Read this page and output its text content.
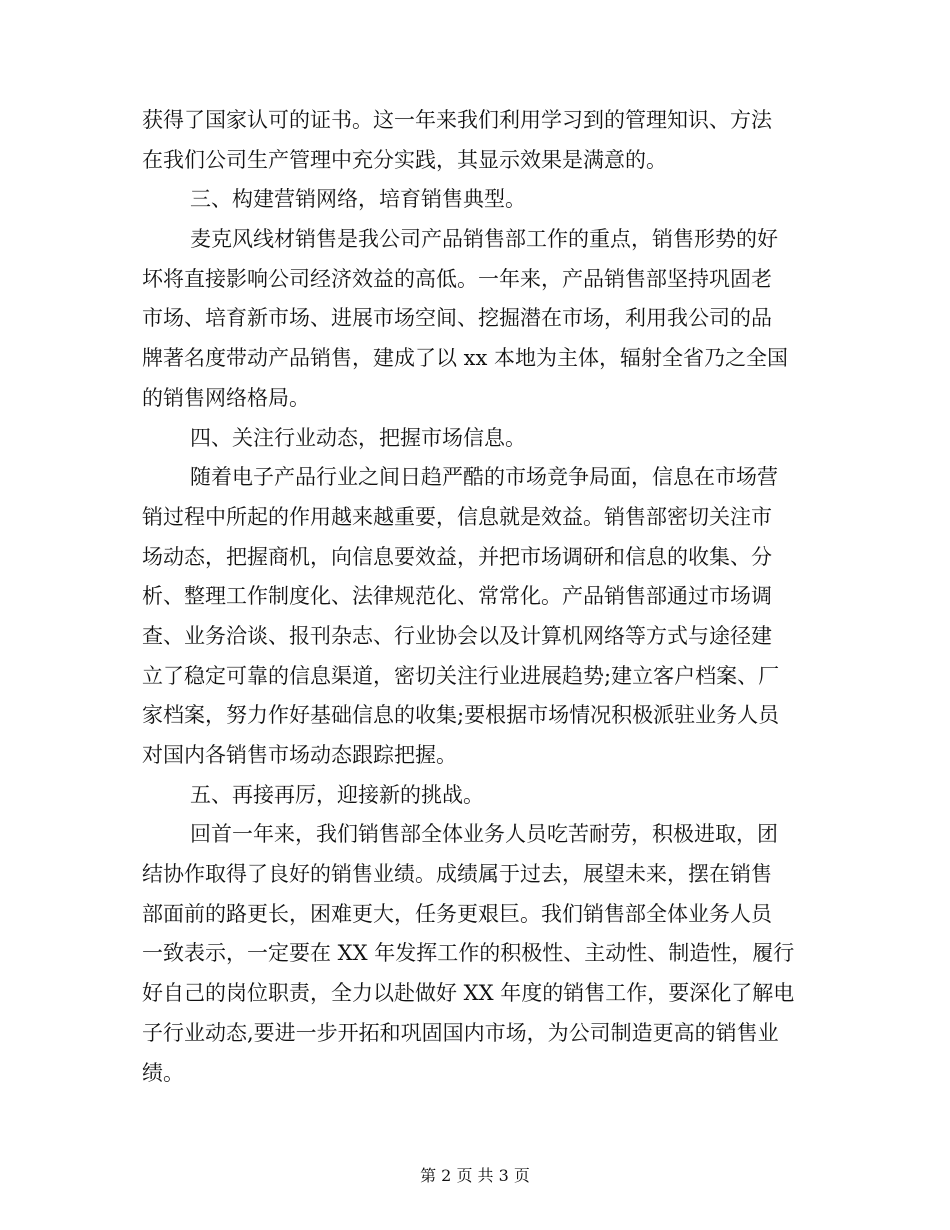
获得了国家认可的证书。这一年来我们利用学习到的管理知识、方法
在我们公司生产管理中充分实践，其显示效果是满意的。
三、构建营销网络，培育销售典型。
麦克风线材销售是我公司产品销售部工作的重点，销售形势的好
坏将直接影响公司经济效益的高低。一年来，产品销售部坚持巩固老
市场、培育新市场、进展市场空间、挖掘潜在市场，利用我公司的品
牌著名度带动产品销售，建成了以 xx 本地为主体，辐射全省乃之全国
的销售网络格局。
四、关注行业动态，把握市场信息。
随着电子产品行业之间日趋严酷的市场竞争局面，信息在市场营
销过程中所起的作用越来越重要，信息就是效益。销售部密切关注市
场动态，把握商机，向信息要效益，并把市场调研和信息的收集、分
析、整理工作制度化、法律规范化、常常化。产品销售部通过市场调
查、业务洽谈、报刊杂志、行业协会以及计算机网络等方式与途径建
立了稳定可靠的信息渠道，密切关注行业进展趋势;建立客户档案、厂
家档案，努力作好基础信息的收集;要根据市场情况积极派驻业务人员
对国内各销售市场动态跟踪把握。
五、再接再厉，迎接新的挑战。
回首一年来，我们销售部全体业务人员吃苦耐劳，积极进取，团
结协作取得了良好的销售业绩。成绩属于过去，展望未来，摆在销售
部面前的路更长，困难更大，任务更艰巨。我们销售部全体业务人员
一致表示，一定要在 XX 年发挥工作的积极性、主动性、制造性，履行
好自己的岗位职责，全力以赴做好 XX 年度的销售工作，要深化了解电
子行业动态,要进一步开拓和巩固国内市场，为公司制造更高的销售业
绩。
第 2 页 共 3 页
